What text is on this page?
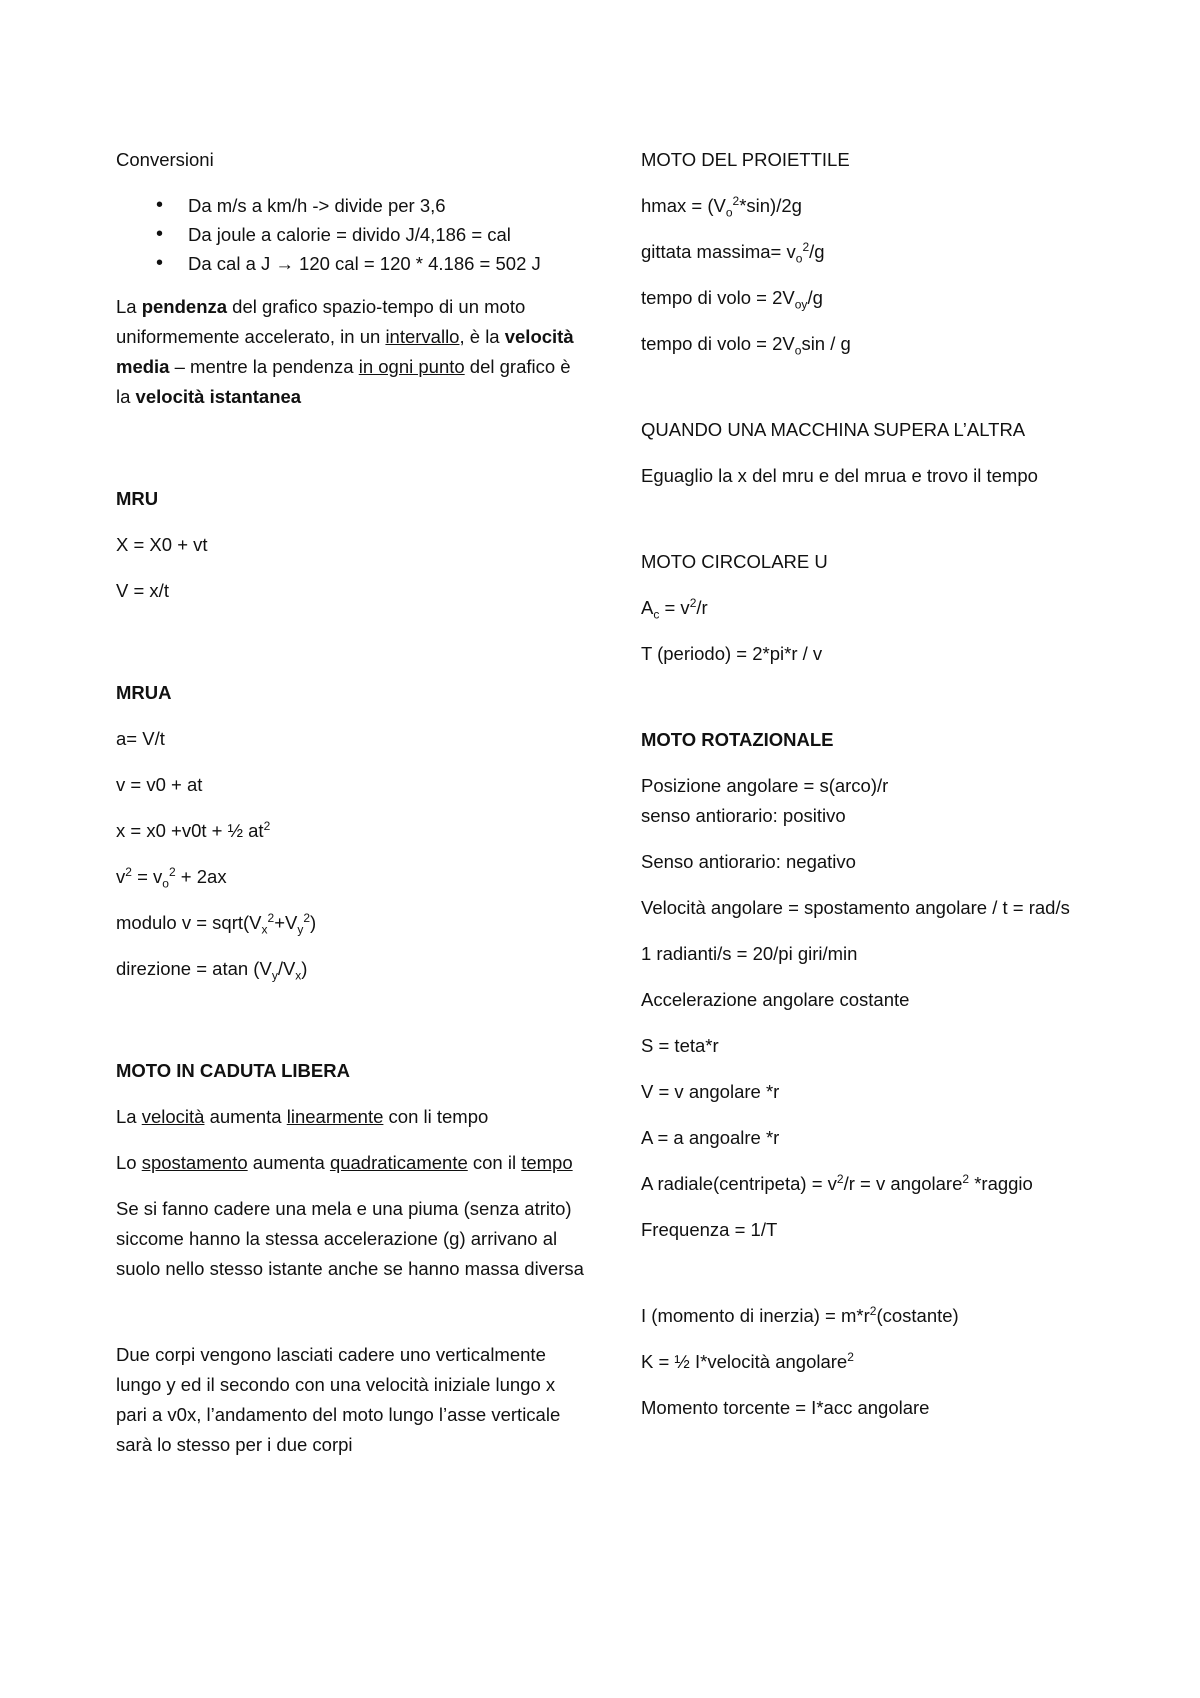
Conversioni

• Da m/s a km/h -> divide per 3,6
• Da joule a calorie = divido J/4,186 = cal
• Da cal a J → 120 cal = 120 * 4.186 = 502 J

La pendenza del grafico spazio-tempo di un moto uniformemente accelerato, in un intervallo, è la velocità media – mentre la pendenza in ogni punto del grafico è la velocità istantanea

MRU

X = X0 + vt

V = x/t

MRUA

a= V/t

v = v0 + at

x = x0 +v0t + ½ $at^2$

$v^2 = v_o^2 + 2ax$

modulo $v = sqrt(V_x^2+V_y^2)$

direzione = atan $(V_y/V_x)$

MOTO IN CADUTA LIBERA

La velocità aumenta linearmente con li tempo

Lo spostamento aumenta quadraticamente con il tempo

Se si fanno cadere una mela e una piuma (senza atrito) siccome hanno la stessa accelerazione (g) arrivano al suolo nello stesso istante anche se hanno massa diversa

Due corpi vengono lasciati cadere uno verticalmente lungo y ed il secondo con una velocità iniziale lungo x pari a v0x, l’andamento del moto lungo l’asse verticale sarà lo stesso per i due corpi

MOTO DEL PROIETTILE

$hmax = (V_o^2*\sin)/2g$

gittata massima= $v_o^2/g$

tempo di volo = $2V_{oy}/g$

tempo di volo = $2V_o\sin$ / g

QUANDO UNA MACCHINA SUPERA L’ALTRA

Eguaglio la x del mru e del mrua e trovo il tempo

MOTO CIRCOLARE U

$A_c = v^2/r$

T (periodo) = 2*pi*r / v

MOTO ROTAZIONALE

Posizione angolare = s(arco)/r
senso antiorario: positivo

Senso antiorario: negativo

Velocità angolare = spostamento angolare / t = rad/s

1 radianti/s = 20/pi giri/min

Accelerazione angolare costante

S = teta*r

V = v angolare *r

A = a angoalre *r

A radiale(centripeta) = $v^2/r = v$ angolare$^2$ *raggio

Frequenza = 1/T

I (momento di inerzia) = $m*r^2(costante)$

K = ½ I*velocità angolare$^2$

Momento torcente = I*acc angolare
